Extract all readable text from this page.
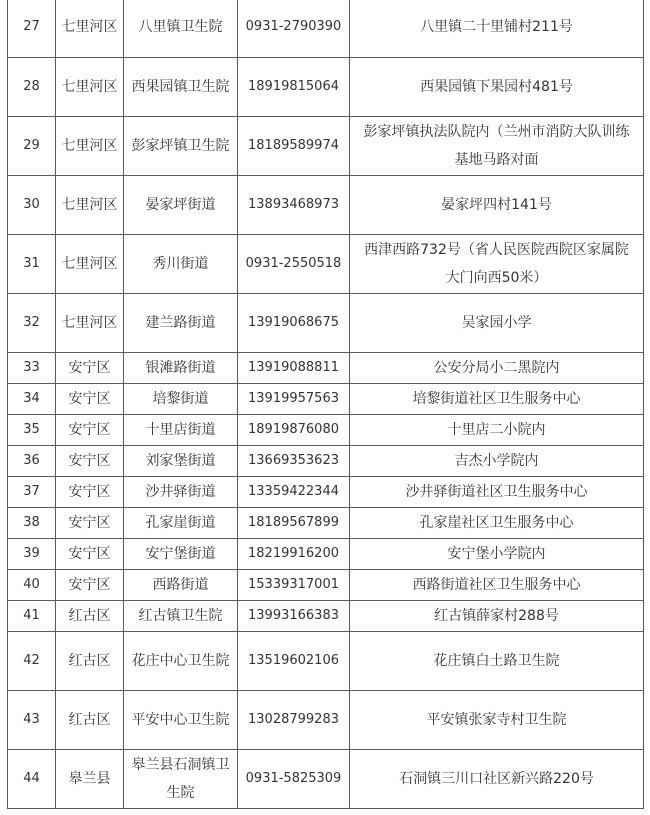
27	七里河区	八里镇卫生院	0931-2790390	八里镇二十里铺村211号
28	七里河区	西果园镇卫生院	18919815064	西果园镇下果园村481号
29	七里河区	彭家坪镇卫生院	18189589974	彭家坪镇执法队院内（兰州市消防大队训练基地马路对面
30	七里河区	晏家坪街道	13893468973	晏家坪四村141号
31	七里河区	秀川街道	0931-2550518	西津西路732号（省人民医院西院区家属院大门向西50米）
32	七里河区	建兰路街道	13919068675	吴家园小学
33	安宁区	银滩路街道	13919088811	公安分局小二黑院内
34	安宁区	培黎街道	13919957563	培黎街道社区卫生服务中心
35	安宁区	十里店街道	18919876080	十里店二小院内
36	安宁区	刘家堡街道	13669353623	吉杰小学院内
37	安宁区	沙井驿街道	13359422344	沙井驿街道社区卫生服务中心
38	安宁区	孔家崖街道	18189567899	孔家崖社区卫生服务中心
39	安宁区	安宁堡街道	18219916200	安宁堡小学院内
40	安宁区	西路街道	15339317001	西路街道社区卫生服务中心
41	红古区	红古镇卫生院	13993166383	红古镇薛家村288号
42	红古区	花庄中心卫生院	13519602106	花庄镇白土路卫生院
43	红古区	平安中心卫生院	13028799283	平安镇张家寺村卫生院
44	皋兰县	皋兰县石洞镇卫生院	0931-5825309	石洞镇三川口社区新兴路220号
